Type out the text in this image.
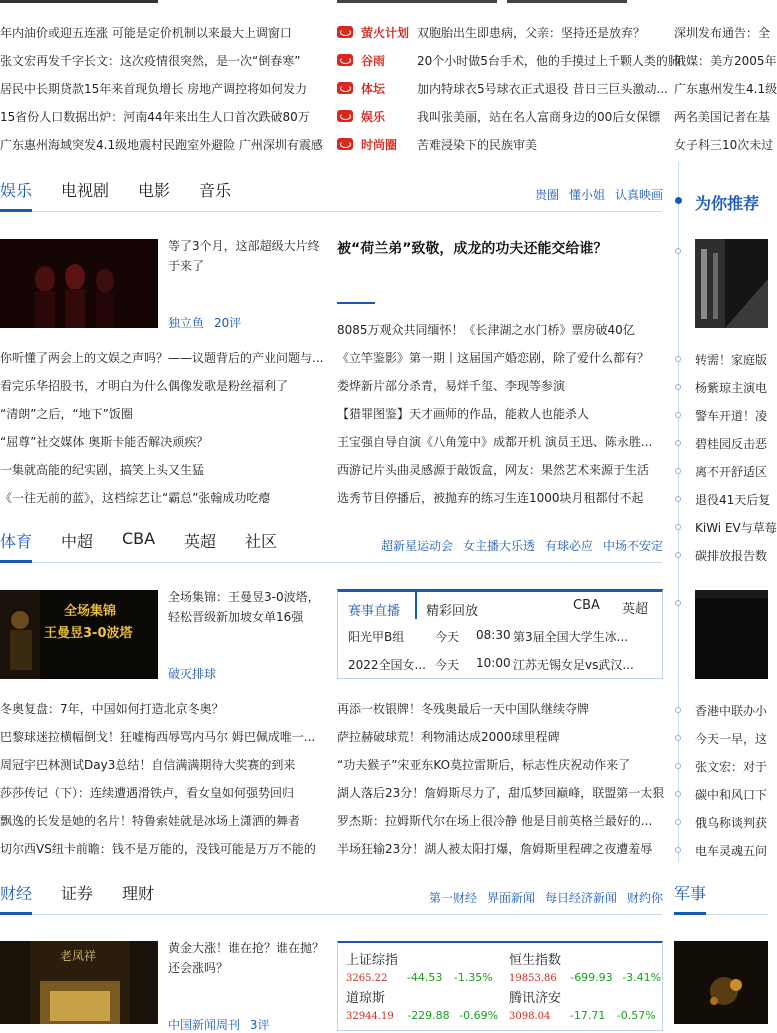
年内油价或迎五连涨 可能是定价机制以来最大上调窗口
张文宏再发千字长文：这次疫情很突然，是一次“倒春寒”
居民中长期贷款15年来首现负增长 房地产调控将如何发力
15省份人口数据出炉：河南44年来出生人口首次跌破80万
广东惠州海域突发4.1级地震村民跑室外避险 广州深圳有震感
萤火计划 双胞胎出生即患病，父亲：坚持还是放弃？
谷雨	20个小时做5台手术，他的手摸过上千颗人类的肺
体坛	加内特球衣5号球衣正式退役 昔日三巨头激动...
娱乐	我叫张美丽，站在名人富商身边的00后女保镖
时尚圈 苦难浸染下的民族审美
深圳发布通告：全
俄媒：美方2005年
广东惠州发生4.1级
两名美国记者在基
女子科三10次未过
娱乐 电视剧 电影 音乐	贵圈 懂小姐 认真映画
等了3个月，这部超级大片终于来了
独立鱼 20评
被“荷兰弟”致敬，成龙的功夫还能交给谁？
你听懂了两会上的文娱之声吗？——议题背后的产业问题与...
看完乐华招股书，才明白为什么偶像发歌是粉丝福利了
“清朗”之后，“地下”饭圈
“屈尊”社交媒体 奥斯卡能否解决顽疾？
一集就高能的纪实剧，搞笑上头又生猛
《一往无前的蓝》，这档综艺让“霸总”张翰成功吃瘪
8085万观众共同缅怀！《长津湖之水门桥》票房破40亿
《立竿鉴影》第一期丨这届国产婚恋剧，除了爱什么都有？
娄烨新片部分杀青，易烊千玺、李现等参演
【猎罪图鉴】天才画师的作品，能救人也能杀人
王宝强自导自演《八角笼中》成都开机 演员王迅、陈永胜...
西游记片头曲灵感源于敲饭盒，网友：果然艺术来源于生活
选秀节目停播后，被抛弃的练习生连1000块月租都付不起
体育 中超 CBA 英超 社区	超新星运动会 女主播大乐透 有球必应 中场不安定
全场集锦
王曼昱3-0波塔
全场集锦：王曼昱3-0波塔，轻松晋级新加坡女单16强
破灭排球
赛事直播 精彩回放	CBA 英超
阳光甲B组	今天 08:30 第3届全国大学生冰...
2022全国女... 今天 10:00 江苏无锡女足vs武汉...
冬奥复盘：7年，中国如何打造北京冬奥？
巴黎球迷拉横幅倒戈！狂嘘梅西辱骂内马尔 姆巴佩成唯一...
周冠宇巴林测试Day3总结！自信满满期待大奖赛的到来
莎莎传记（下）：连续遭遇滑铁卢，看女皇如何强势回归
飘逸的长发是她的名片！特鲁索娃就是冰场上潇洒的舞者
切尔西VS纽卡前瞻：钱不是万能的，没钱可能是万万不能的
再添一枚银牌！冬残奥最后一天中国队继续夺牌
萨拉赫破球荒！利物浦达成2000球里程碑
“功夫猴子”宋亚东KO莫拉雷斯后，标志性庆祝动作来了
湖人落后23分！詹姆斯尽力了，甜瓜梦回巅峰，联盟第一太狠
罗杰斯：拉姆斯代尔在场上很冷静 他是目前英格兰最好的...
半场狂输23分！湖人被太阳打爆，詹姆斯里程碑之夜遭羞辱
财经 证券 理财	第一财经 界面新闻 每日经济新闻 财约你
老凤祥
黄金大涨！谁在抢？谁在抛？还会涨吗？
中国新闻周刊 3评
上证综指
3265.22 -44.53 -1.35%
恒生指数
19853.86 -699.93 -3.41%
道琼斯
32944.19 -229.88 -0.69%
腾讯济安
3098.04 -17.71 -0.57%
为你推荐
转需！家庭版
杨紫琼主演电
警车开道！凌
碧桂园反击恶
离不开舒适区
退役41天后复
KiWi EV与草莓
碳排放报告数
香港中联办小
今天一早，这
张文宏：对于
碳中和风口下
俄乌称谈判获
电车灵魂五问
军事
